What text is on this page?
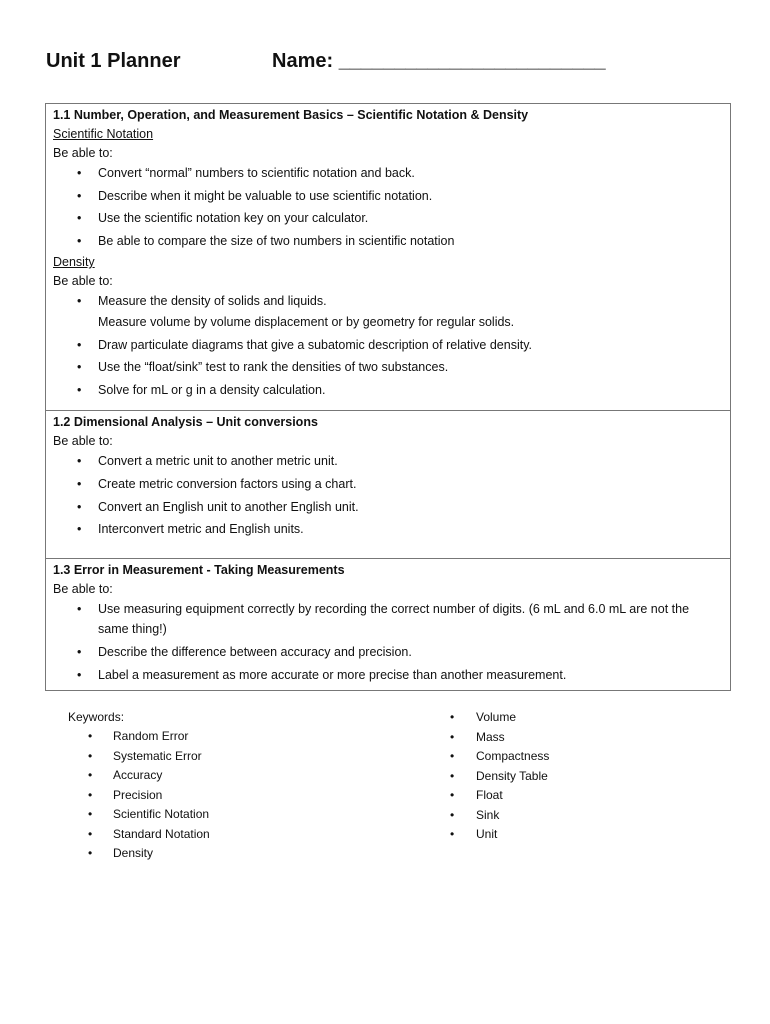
Unit 1 Planner	Name: ________________________
1.1 Number, Operation, and Measurement Basics – Scientific Notation & Density
Scientific Notation
Be able to:
• Convert “normal” numbers to scientific notation and back.
• Describe when it might be valuable to use scientific notation.
• Use the scientific notation key on your calculator.
• Be able to compare the size of two numbers in scientific notation
Density
Be able to:
• Measure the density of solids and liquids.
Measure volume by volume displacement or by geometry for regular solids.
• Draw particulate diagrams that give a subatomic description of relative density.
• Use the “float/sink” test to rank the densities of two substances.
• Solve for mL or g in a density calculation.
1.2 Dimensional Analysis – Unit conversions
Be able to:
• Convert a metric unit to another metric unit.
• Create metric conversion factors using a chart.
• Convert an English unit to another English unit.
• Interconvert metric and English units.
1.3 Error in Measurement - Taking Measurements
Be able to:
• Use measuring equipment correctly by recording the correct number of digits. (6 mL and 6.0 mL are not the same thing!)
• Describe the difference between accuracy and precision.
• Label a measurement as more accurate or more precise than another measurement.
Keywords:
• Random Error
• Systematic Error
• Accuracy
• Precision
• Scientific Notation
• Standard Notation
• Density
• Volume
• Mass
• Compactness
• Density Table
• Float
• Sink
• Unit
